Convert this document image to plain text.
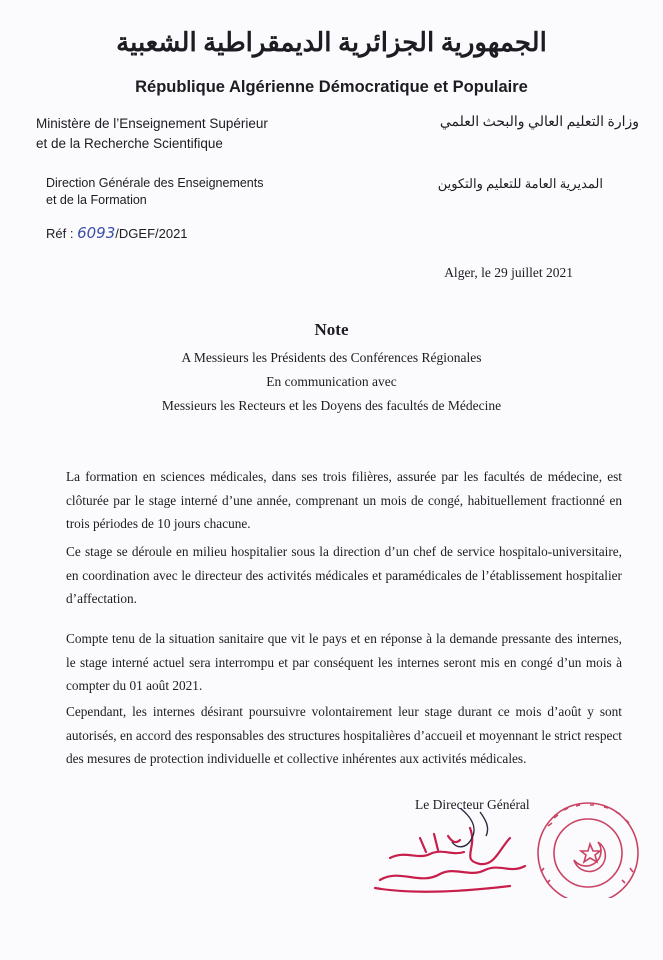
الجمهورية الجزائرية الديمقراطية الشعبية
République Algérienne Démocratique et Populaire
Ministère de l’Enseignement Supérieur
et de la Recherche Scientifique
وزارة التعليم العالي والبحث العلمي
Direction Générale des Enseignements
et de la Formation
المديرية العامة للتعليم والتكوين
Réf : 6093/DGEF/2021
Alger, le 29 juillet 2021
Note
A Messieurs les Présidents des Conférences Régionales
En communication avec
Messieurs les Recteurs et les Doyens des facultés de Médecine
La formation en sciences médicales, dans ses trois filières, assurée par les facultés de médecine, est clôturée par le stage interné d’une année, comprenant un mois de congé, habituellement fractionné en trois périodes de 10 jours chacune.
Ce stage se déroule en milieu hospitalier sous la direction d’un chef de service hospitalo-universitaire, en coordination avec le directeur des activités médicales et paramédicales de l’établissement hospitalier d’affectation.
Compte tenu de la situation sanitaire que vit le pays et en réponse à la demande pressante des internes, le stage interné actuel sera interrompu et par conséquent les internes seront mis en congé d’un mois à compter du 01 août 2021.
Cependant, les internes désirant poursuivre volontairement leur stage durant ce mois d’août y sont autorisés, en accord des responsables des structures hospitalières d’accueil et moyennant le strict respect des mesures de protection individuelle et collective inhérentes aux activités médicales.
Le Directeur Général
